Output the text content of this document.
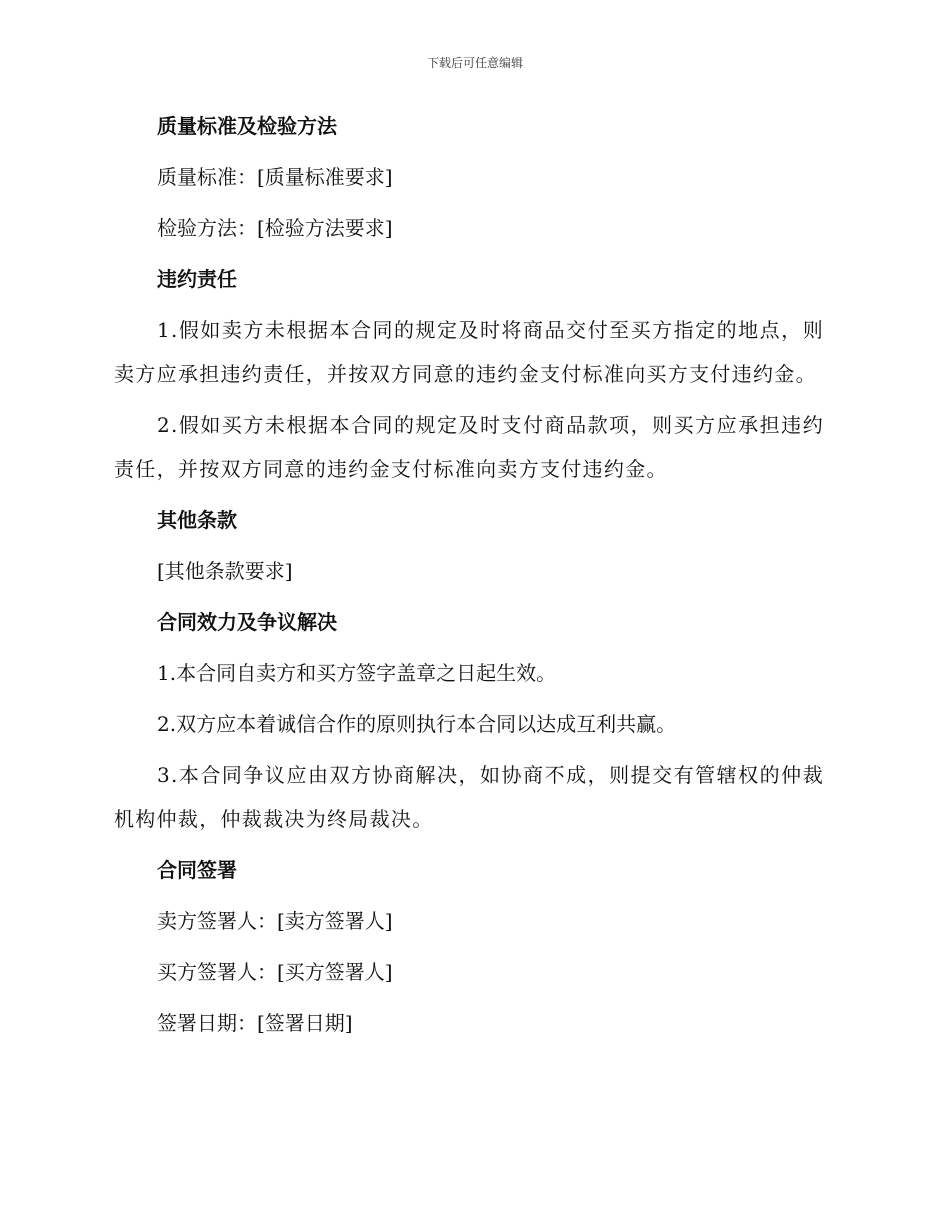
下载后可任意编辑
质量标准及检验方法
质量标准：[质量标准要求]
检验方法：[检验方法要求]
违约责任
1.假如卖方未根据本合同的规定及时将商品交付至买方指定的地点，则卖方应承担违约责任，并按双方同意的违约金支付标准向买方支付违约金。
2.假如买方未根据本合同的规定及时支付商品款项，则买方应承担违约责任，并按双方同意的违约金支付标准向卖方支付违约金。
其他条款
[其他条款要求]
合同效力及争议解决
1.本合同自卖方和买方签字盖章之日起生效。
2.双方应本着诚信合作的原则执行本合同以达成互利共赢。
3.本合同争议应由双方协商解决，如协商不成，则提交有管辖权的仲裁机构仲裁，仲裁裁决为终局裁决。
合同签署
卖方签署人：[卖方签署人]
买方签署人：[买方签署人]
签署日期：[签署日期]
